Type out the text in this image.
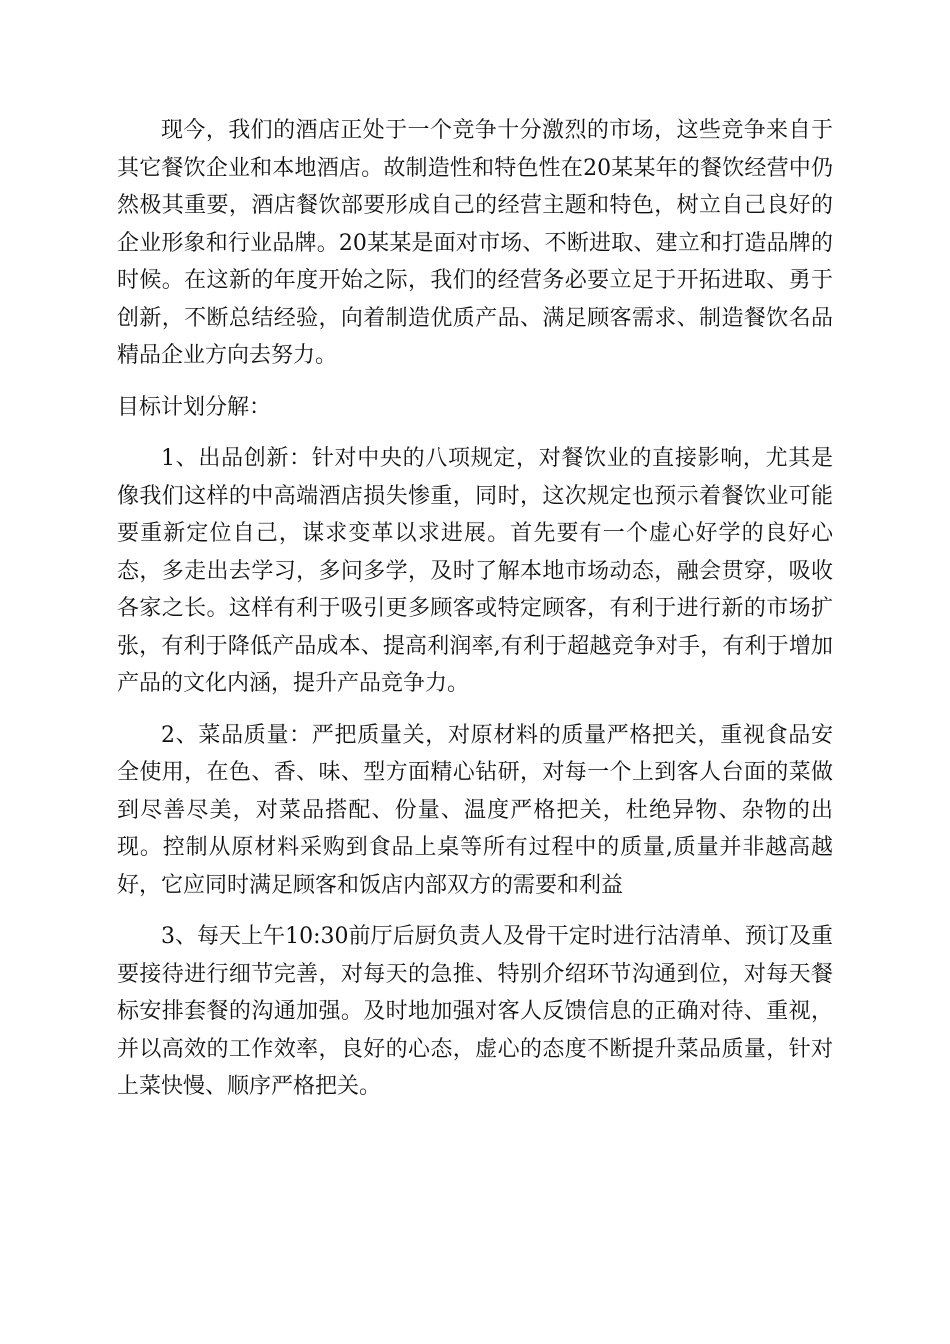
现今，我们的酒店正处于一个竞争十分激烈的市场，这些竞争来自于其它餐饮企业和本地酒店。故制造性和特色性在20某某年的餐饮经营中仍然极其重要，酒店餐饮部要形成自己的经营主题和特色，树立自己良好的企业形象和行业品牌。20某某是面对市场、不断进取、建立和打造品牌的时候。在这新的年度开始之际，我们的经营务必要立足于开拓进取、勇于创新，不断总结经验，向着制造优质产品、满足顾客需求、制造餐饮名品精品企业方向去努力。

目标计划分解：

1、出品创新：针对中央的八项规定，对餐饮业的直接影响，尤其是像我们这样的中高端酒店损失惨重，同时，这次规定也预示着餐饮业可能要重新定位自己，谋求变革以求进展。首先要有一个虚心好学的良好心态，多走出去学习，多问多学，及时了解本地市场动态，融会贯穿，吸收各家之长。这样有利于吸引更多顾客或特定顾客，有利于进行新的市场扩张，有利于降低产品成本、提高利润率,有利于超越竞争对手，有利于增加产品的文化内涵，提升产品竞争力。

2、菜品质量：严把质量关，对原材料的质量严格把关，重视食品安全使用，在色、香、味、型方面精心钻研，对每一个上到客人台面的菜做到尽善尽美，对菜品搭配、份量、温度严格把关，杜绝异物、杂物的出现。控制从原材料采购到食品上桌等所有过程中的质量,质量并非越高越好，它应同时满足顾客和饭店内部双方的需要和利益

3、每天上午10:30前厅后厨负责人及骨干定时进行沽清单、预订及重要接待进行细节完善，对每天的急推、特别介绍环节沟通到位，对每天餐标安排套餐的沟通加强。及时地加强对客人反馈信息的正确对待、重视，并以高效的工作效率，良好的心态，虚心的态度不断提升菜品质量，针对上菜快慢、顺序严格把关。
